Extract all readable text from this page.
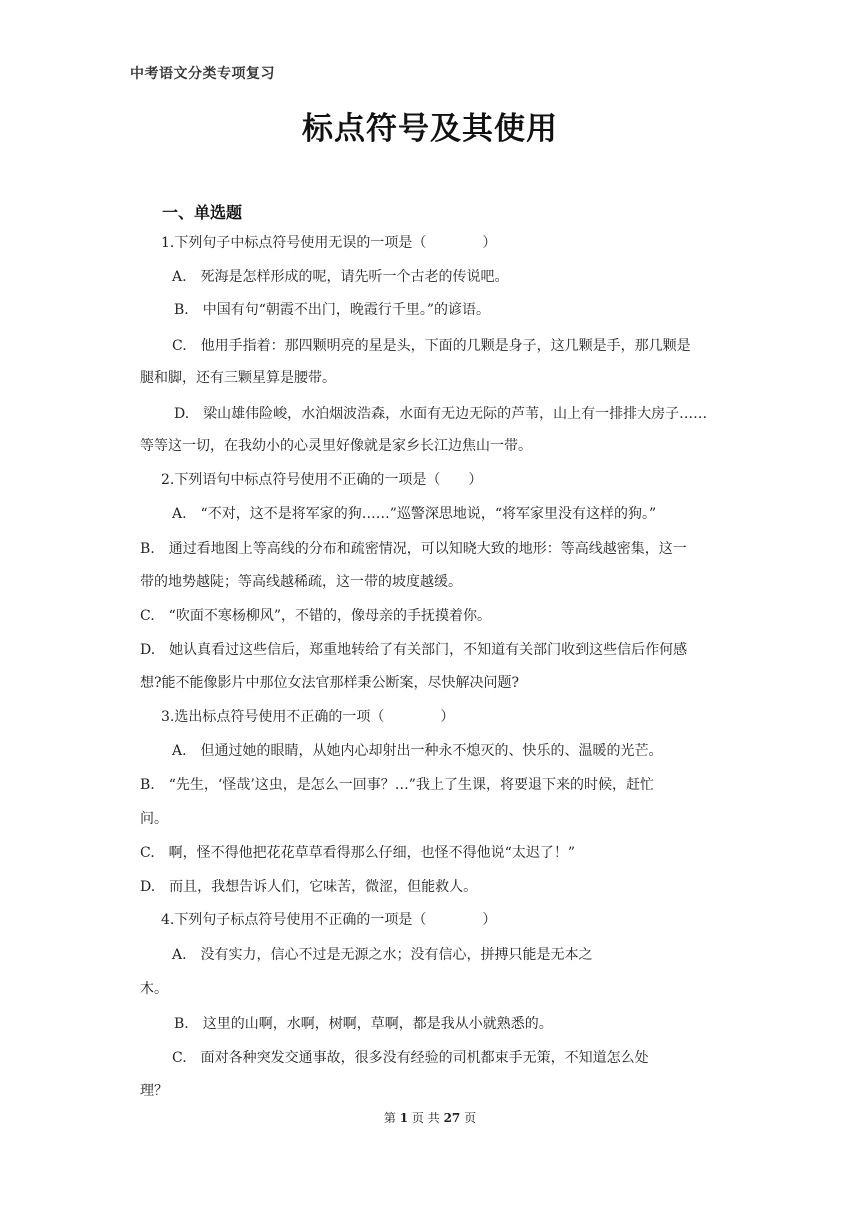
中考语文分类专项复习
标点符号及其使用
一、单选题
1.下列句子中标点符号使用无误的一项是（　　　　）
A.　死海是怎样形成的呢，请先听一个古老的传说吧。
B.　中国有句“朝霞不出门，晚霞行千里。”的谚语。
C.　他用手指着：那四颗明亮的星是头，下面的几颗是身子，这几颗是手，那几颗是
腿和脚，还有三颗星算是腰带。
D.　梁山雄伟险峻，水泊烟波浩森，水面有无边无际的芦苇，山上有一排排大房子……
等等这一切，在我幼小的心灵里好像就是家乡长江边焦山一带。
2.下列语句中标点符号使用不正确的一项是（　　）
A.　“不对，这不是将军家的狗……”巡警深思地说，“将军家里没有这样的狗。”
B.　通过看地图上等高线的分布和疏密情况，可以知晓大致的地形：等高线越密集，这一
带的地势越陡；等高线越稀疏，这一带的坡度越缓。
C.　“吹面不寒杨柳风”，不错的，像母亲的手抚摸着你。
D.　她认真看过这些信后，郑重地转给了有关部门，不知道有关部门收到这些信后作何感
想?能不能像影片中那位女法官那样秉公断案，尽快解决问题?
3.选出标点符号使用不正确的一项（　　　　）
A.　但通过她的眼睛，从她内心却射出一种永不熄灭的、快乐的、温暖的光芒。
B.　“先生，‘怪哉’这虫，是怎么一回事？…”我上了生课，将要退下来的时候，赶忙
问。
C.　啊，怪不得他把花花草草看得那么仔细，也怪不得他说“太迟了！”
D.　而且，我想告诉人们，它味苦，微涩，但能救人。
4.下列句子标点符号使用不正确的一项是（　　　　）
A.　没有实力，信心不过是无源之水；没有信心，拼搏只能是无本之
木。
B.　这里的山啊，水啊，树啊，草啊，都是我从小就熟悉的。
C.　面对各种突发交通事故，很多没有经验的司机都束手无策，不知道怎么处
理？
第 1 页 共 27 页
